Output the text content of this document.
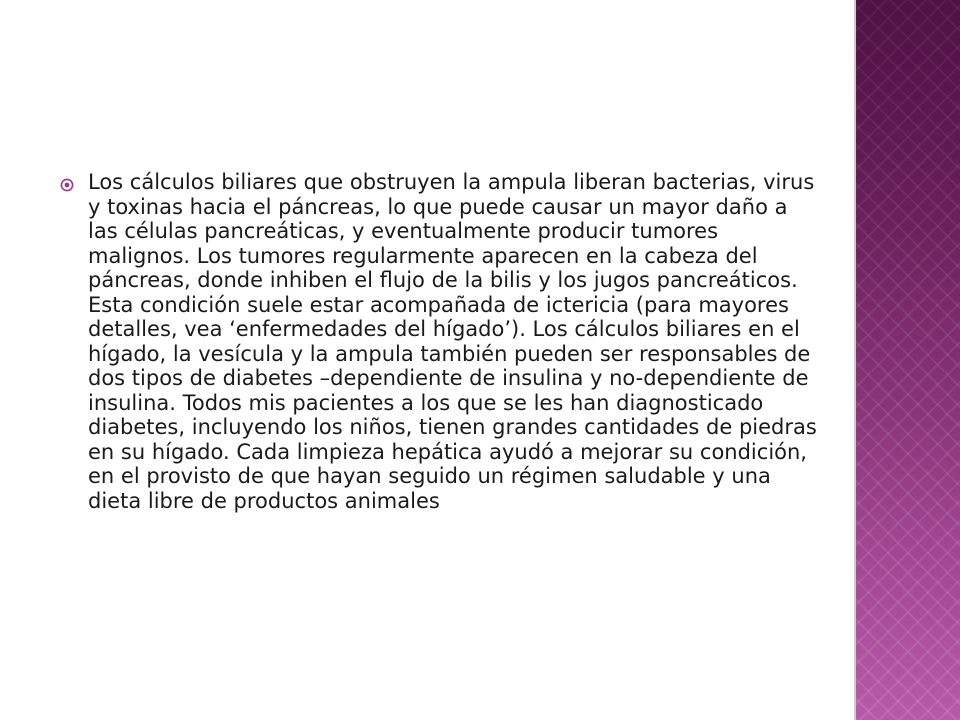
Los cálculos biliares que obstruyen la ampula liberan bacterias, virus y toxinas hacia el páncreas, lo que puede causar un mayor daño a las células pancreáticas, y eventualmente producir tumores malignos. Los tumores regularmente aparecen en la cabeza del páncreas, donde inhiben el flujo de la bilis y los jugos pancreáticos. Esta condición suele estar acompañada de ictericia (para mayores detalles, vea ‘enfermedades del hígado’). Los cálculos biliares en el hígado, la vesícula y la ampula también pueden ser responsables de dos tipos de diabetes –dependiente de insulina y no-dependiente de insulina. Todos mis pacientes a los que se les han diagnosticado diabetes, incluyendo los niños, tienen grandes cantidades de piedras en su hígado. Cada limpieza hepática ayudó a mejorar su condición, en el provisto de que hayan seguido un régimen saludable y una dieta libre de productos animales
